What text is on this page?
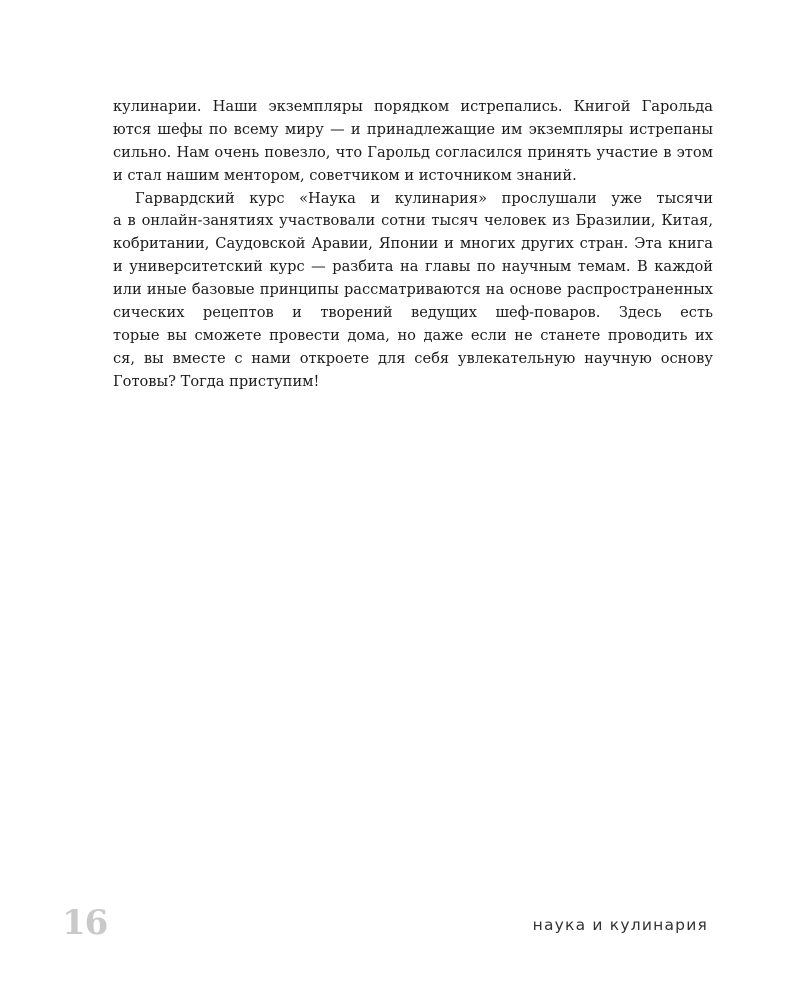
кулинарии. Наши экземпляры порядком истрепались. Книгой Гарольда
ются шефы по всему миру — и принадлежащие им экземпляры истрепаны
сильно. Нам очень повезло, что Гарольд согласился принять участие в этом
и стал нашим ментором, советчиком и источником знаний.

Гарвардский курс «Наука и кулинария» прослушали уже тысячи
а в онлайн-занятиях участвовали сотни тысяч человек из Бразилии, Китая,
кобритании, Саудовской Аравии, Японии и многих других стран. Эта книга
и университетский курс — разбита на главы по научным темам. В каждой
или иные базовые принципы рассматриваются на основе распространенных
сических рецептов и творений ведущих шеф-поваров. Здесь есть
торые вы сможете провести дома, но даже если не станете проводить их
ся, вы вместе с нами откроете для себя увлекательную научную основу
Готовы? Тогда приступим!

16	наука и кулинария
